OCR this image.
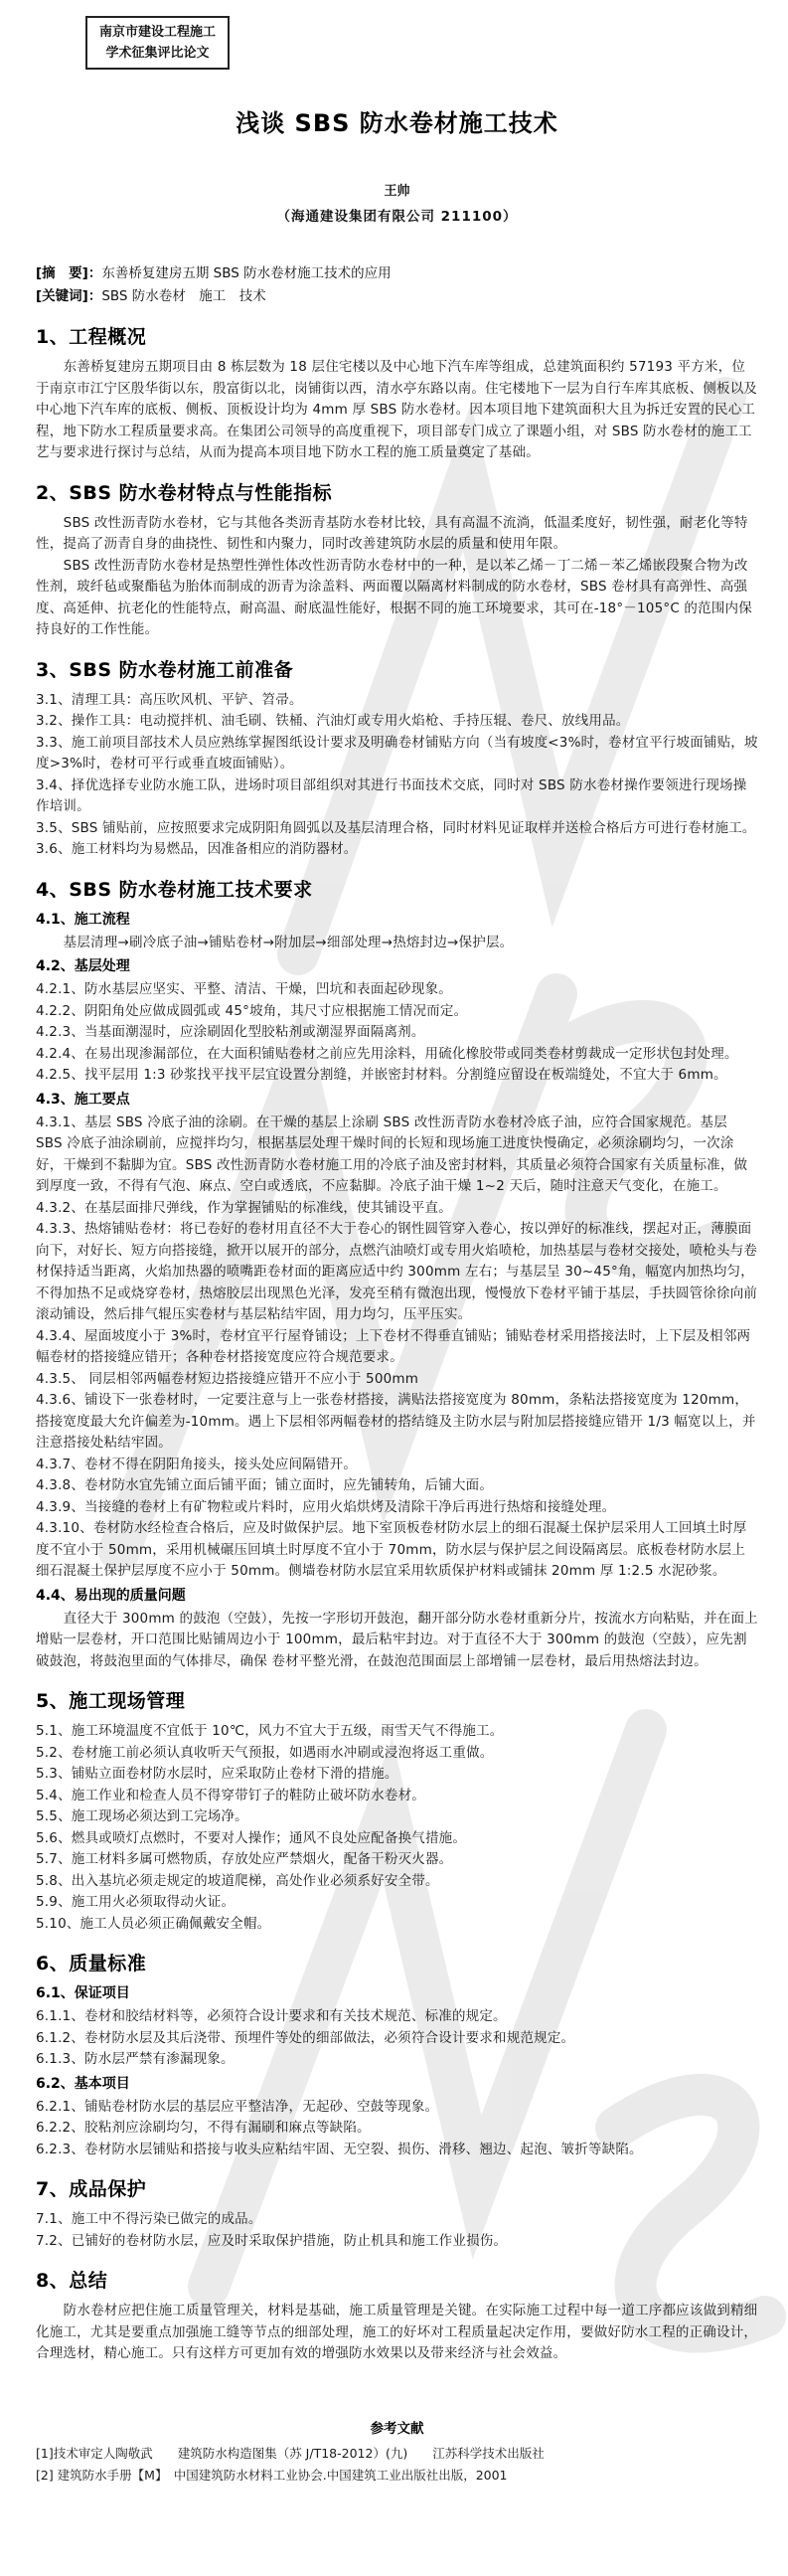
南京市建设工程施工
学术征集评比论文
浅谈 SBS 防水卷材施工技术
王帅
（海通建设集团有限公司 211100）
[摘　要]：东善桥复建房五期 SBS 防水卷材施工技术的应用
[关键词]：SBS 防水卷材　施工　技术
1、工程概况
东善桥复建房五期项目由 8 栋层数为 18 层住宅楼以及中心地下汽车库等组成，总建筑面积约 57193 平方米，位于南京市江宁区殷华街以东，殷富街以北，岗铺街以西，清水亭东路以南。住宅楼地下一层为自行车库其底板、侧板以及中心地下汽车库的底板、侧板、顶板设计均为 4mm 厚 SBS 防水卷材。因本项目地下建筑面积大且为拆迁安置的民心工程，地下防水工程质量要求高。在集团公司领导的高度重视下，项目部专门成立了课题小组，对 SBS 防水卷材的施工工艺与要求进行探讨与总结，从而为提高本项目地下防水工程的施工质量奠定了基础。
2、SBS 防水卷材特点与性能指标
SBS 改性沥青防水卷材，它与其他各类沥青基防水卷材比较，具有高温不流淌，低温柔度好，韧性强，耐老化等特性，提高了沥青自身的曲挠性、韧性和内聚力，同时改善建筑防水层的质量和使用年限。
SBS 改性沥青防水卷材是热塑性弹性体改性沥青防水卷材中的一种，是以苯乙烯－丁二烯－苯乙烯嵌段聚合物为改性剂，玻纤毡或聚酯毡为胎体而制成的沥青为涂盖料、两面覆以隔离材料制成的防水卷材，SBS 卷材具有高弹性、高强度、高延伸、抗老化的性能特点，耐高温、耐底温性能好，根据不同的施工环境要求，其可在-18°－105°C 的范围内保持良好的工作性能。
3、SBS 防水卷材施工前准备
3.1、清理工具：高压吹风机、平铲、笤帚。
3.2、操作工具：电动搅拌机、油毛刷、铁桶、汽油灯或专用火焰枪、手持压辊、卷尺、放线用品。
3.3、施工前项目部技术人员应熟练掌握图纸设计要求及明确卷材铺贴方向（当有坡度<3%时，卷材宜平行坡面铺贴，坡度>3%时，卷材可平行或垂直坡面铺贴）。
3.4、择优选择专业防水施工队，进场时项目部组织对其进行书面技术交底，同时对 SBS 防水卷材操作要领进行现场操作培训。
3.5、SBS 铺贴前，应按照要求完成阴阳角圆弧以及基层清理合格，同时材料见证取样并送检合格后方可进行卷材施工。
3.6、施工材料均为易燃品，因准备相应的消防器材。
4、SBS 防水卷材施工技术要求
4.1、施工流程
基层清理→刷冷底子油→铺贴卷材→附加层→细部处理→热熔封边→保护层。
4.2、基层处理
4.2.1、防水基层应坚实、平整、清洁、干燥，凹坑和表面起砂现象。
4.2.2、阴阳角处应做成圆弧或 45°坡角，其尺寸应根据施工情况而定。
4.2.3、当基面潮湿时，应涂刷固化型胶粘剂或潮湿界面隔离剂。
4.2.4、在易出现渗漏部位，在大面积铺贴卷材之前应先用涂料，用硫化橡胶带或同类卷材剪裁成一定形状包封处理。
4.2.5、找平层用 1:3 砂浆找平找平层宜设置分割缝，并嵌密封材料。分割缝应留设在板端缝处，不宜大于 6mm。
4.3、施工要点
4.3.1、基层 SBS 冷底子油的涂刷。在干燥的基层上涂刷 SBS 改性沥青防水卷材冷底子油，应符合国家规范。基层 SBS 冷底子油涂刷前，应搅拌均匀，根据基层处理干燥时间的长短和现场施工进度快慢确定，必须涂刷均匀，一次涂好，干燥到不黏脚为宜。SBS 改性沥青防水卷材施工用的冷底子油及密封材料，其质量必须符合国家有关质量标准，做到厚度一致，不得有气泡、麻点、空白或透底，不应黏脚。冷底子油干燥 1~2 天后，随时注意天气变化，在施工。
4.3.2、在基层面排尺弹线，作为掌握铺贴的标准线，使其铺设平直。
4.3.3、热熔铺贴卷材：将已卷好的卷材用直径不大于卷心的钢性圆管穿入卷心，按以弹好的标准线，摆起对正，薄膜面向下，对好长、短方向搭接缝，掀开以展开的部分，点燃汽油喷灯或专用火焰喷枪，加热基层与卷材交接处，喷枪头与卷材保持适当距离，火焰加热器的喷嘴距卷材面的距离应适中约 300mm 左右；与基层呈 30~45°角，幅宽内加热均匀，不得加热不足或烧穿卷材，热熔胶层出现黑色光泽，发亮至稍有微泡出现，慢慢放下卷材平铺于基层，手扶圆管徐徐向前滚动铺设，然后排气辊压实卷材与基层粘结牢固，用力均匀，压平压实。
4.3.4、屋面坡度小于 3%时，卷材宜平行屋脊铺设；上下卷材不得垂直铺贴；铺贴卷材采用搭接法时，上下层及相邻两幅卷材的搭接缝应错开；各种卷材搭接宽度应符合规范要求。
4.3.5、 同层相邻两幅卷材短边搭接缝应错开不应小于 500mm
4.3.6、铺设下一张卷材时，一定要注意与上一张卷材搭接，满贴法搭接宽度为 80mm，条粘法搭接宽度为 120mm，搭接宽度最大允许偏差为-10mm。遇上下层相邻两幅卷材的搭结缝及主防水层与附加层搭接缝应错开 1/3 幅宽以上，并注意搭接处粘结牢固。
4.3.7、卷材不得在阴阳角接头，接头处应间隔错开。
4.3.8、卷材防水宜先铺立面后铺平面；铺立面时，应先铺转角，后铺大面。
4.3.9、当接缝的卷材上有矿物粒或片料时，应用火焰烘烤及清除干净后再进行热熔和接缝处理。
4.3.10、卷材防水经检查合格后，应及时做保护层。地下室顶板卷材防水层上的细石混凝土保护层采用人工回填土时厚度不宜小于 50mm，采用机械碾压回填土时厚度不宜小于 70mm，防水层与保护层之间设隔离层。底板卷材防水层上细石混凝土保护层厚度不应小于 50mm。侧墙卷材防水层宜采用软质保护材料或铺抹 20mm 厚 1:2.5 水泥砂浆。
4.4、易出现的质量问题
直径大于 300mm 的鼓泡（空鼓），先按一字形切开鼓泡，翻开部分防水卷材重新分片，按流水方向粘贴，并在面上增贴一层卷材，开口范围比贴铺周边小于 100mm，最后粘牢封边。对于直径不大于 300mm 的鼓泡（空鼓），应先割破鼓泡，将鼓泡里面的气体排尽，确保 卷材平整光滑，在鼓泡范围面层上部增铺一层卷材，最后用热熔法封边。
5、施工现场管理
5.1、施工环境温度不宜低于 10℃，风力不宜大于五级，雨雪天气不得施工。
5.2、卷材施工前必须认真收听天气预报，如遇雨水冲刷或浸泡将返工重做。
5.3、铺贴立面卷材防水层时，应采取防止卷材下滑的措施。
5.4、施工作业和检查人员不得穿带钉子的鞋防止破坏防水卷材。
5.5、施工现场必须达到工完场净。
5.6、燃具或喷灯点燃时，不要对人操作；通风不良处应配备换气措施。
5.7、施工材料多属可燃物质，存放处应严禁烟火，配备干粉灭火器。
5.8、出入基坑必须走规定的坡道爬梯，高处作业必须系好安全带。
5.9、施工用火必须取得动火证。
5.10、施工人员必须正确佩戴安全帽。
6、质量标准
6.1、保证项目
6.1.1、卷材和胶结材料等，必须符合设计要求和有关技术规范、标准的规定。
6.1.2、卷材防水层及其后浇带、预埋件等处的细部做法，必须符合设计要求和规范规定。
6.1.3、防水层严禁有渗漏现象。
6.2、基本项目
6.2.1、铺贴卷材防水层的基层应平整洁净，无起砂、空鼓等现象。
6.2.2、胶粘剂应涂刷均匀，不得有漏刷和麻点等缺陷。
6.2.3、卷材防水层铺贴和搭接与收头应粘结牢固、无空裂、损伤、滑移、翘边、起泡、皱折等缺陷。
7、成品保护
7.1、施工中不得污染已做完的成品。
7.2、已铺好的卷材防水层，应及时采取保护措施，防止机具和施工作业损伤。
8、总结
防水卷材应把住施工质量管理关，材料是基础，施工质量管理是关键。在实际施工过程中每一道工序都应该做到精细化施工，尤其是要重点加强施工缝等节点的细部处理，施工的好坏对工程质量起决定作用，要做好防水工程的正确设计，合理选材，精心施工。只有这样方可更加有效的增强防水效果以及带来经济与社会效益。
参考文献
[1]技术审定人陶敬武　　建筑防水构造图集（苏 J/T18-2012）(九)　　江苏科学技术出版社
[2] 建筑防水手册【M】　中国建筑防水材料工业协会.中国建筑工业出版社出版，2001
